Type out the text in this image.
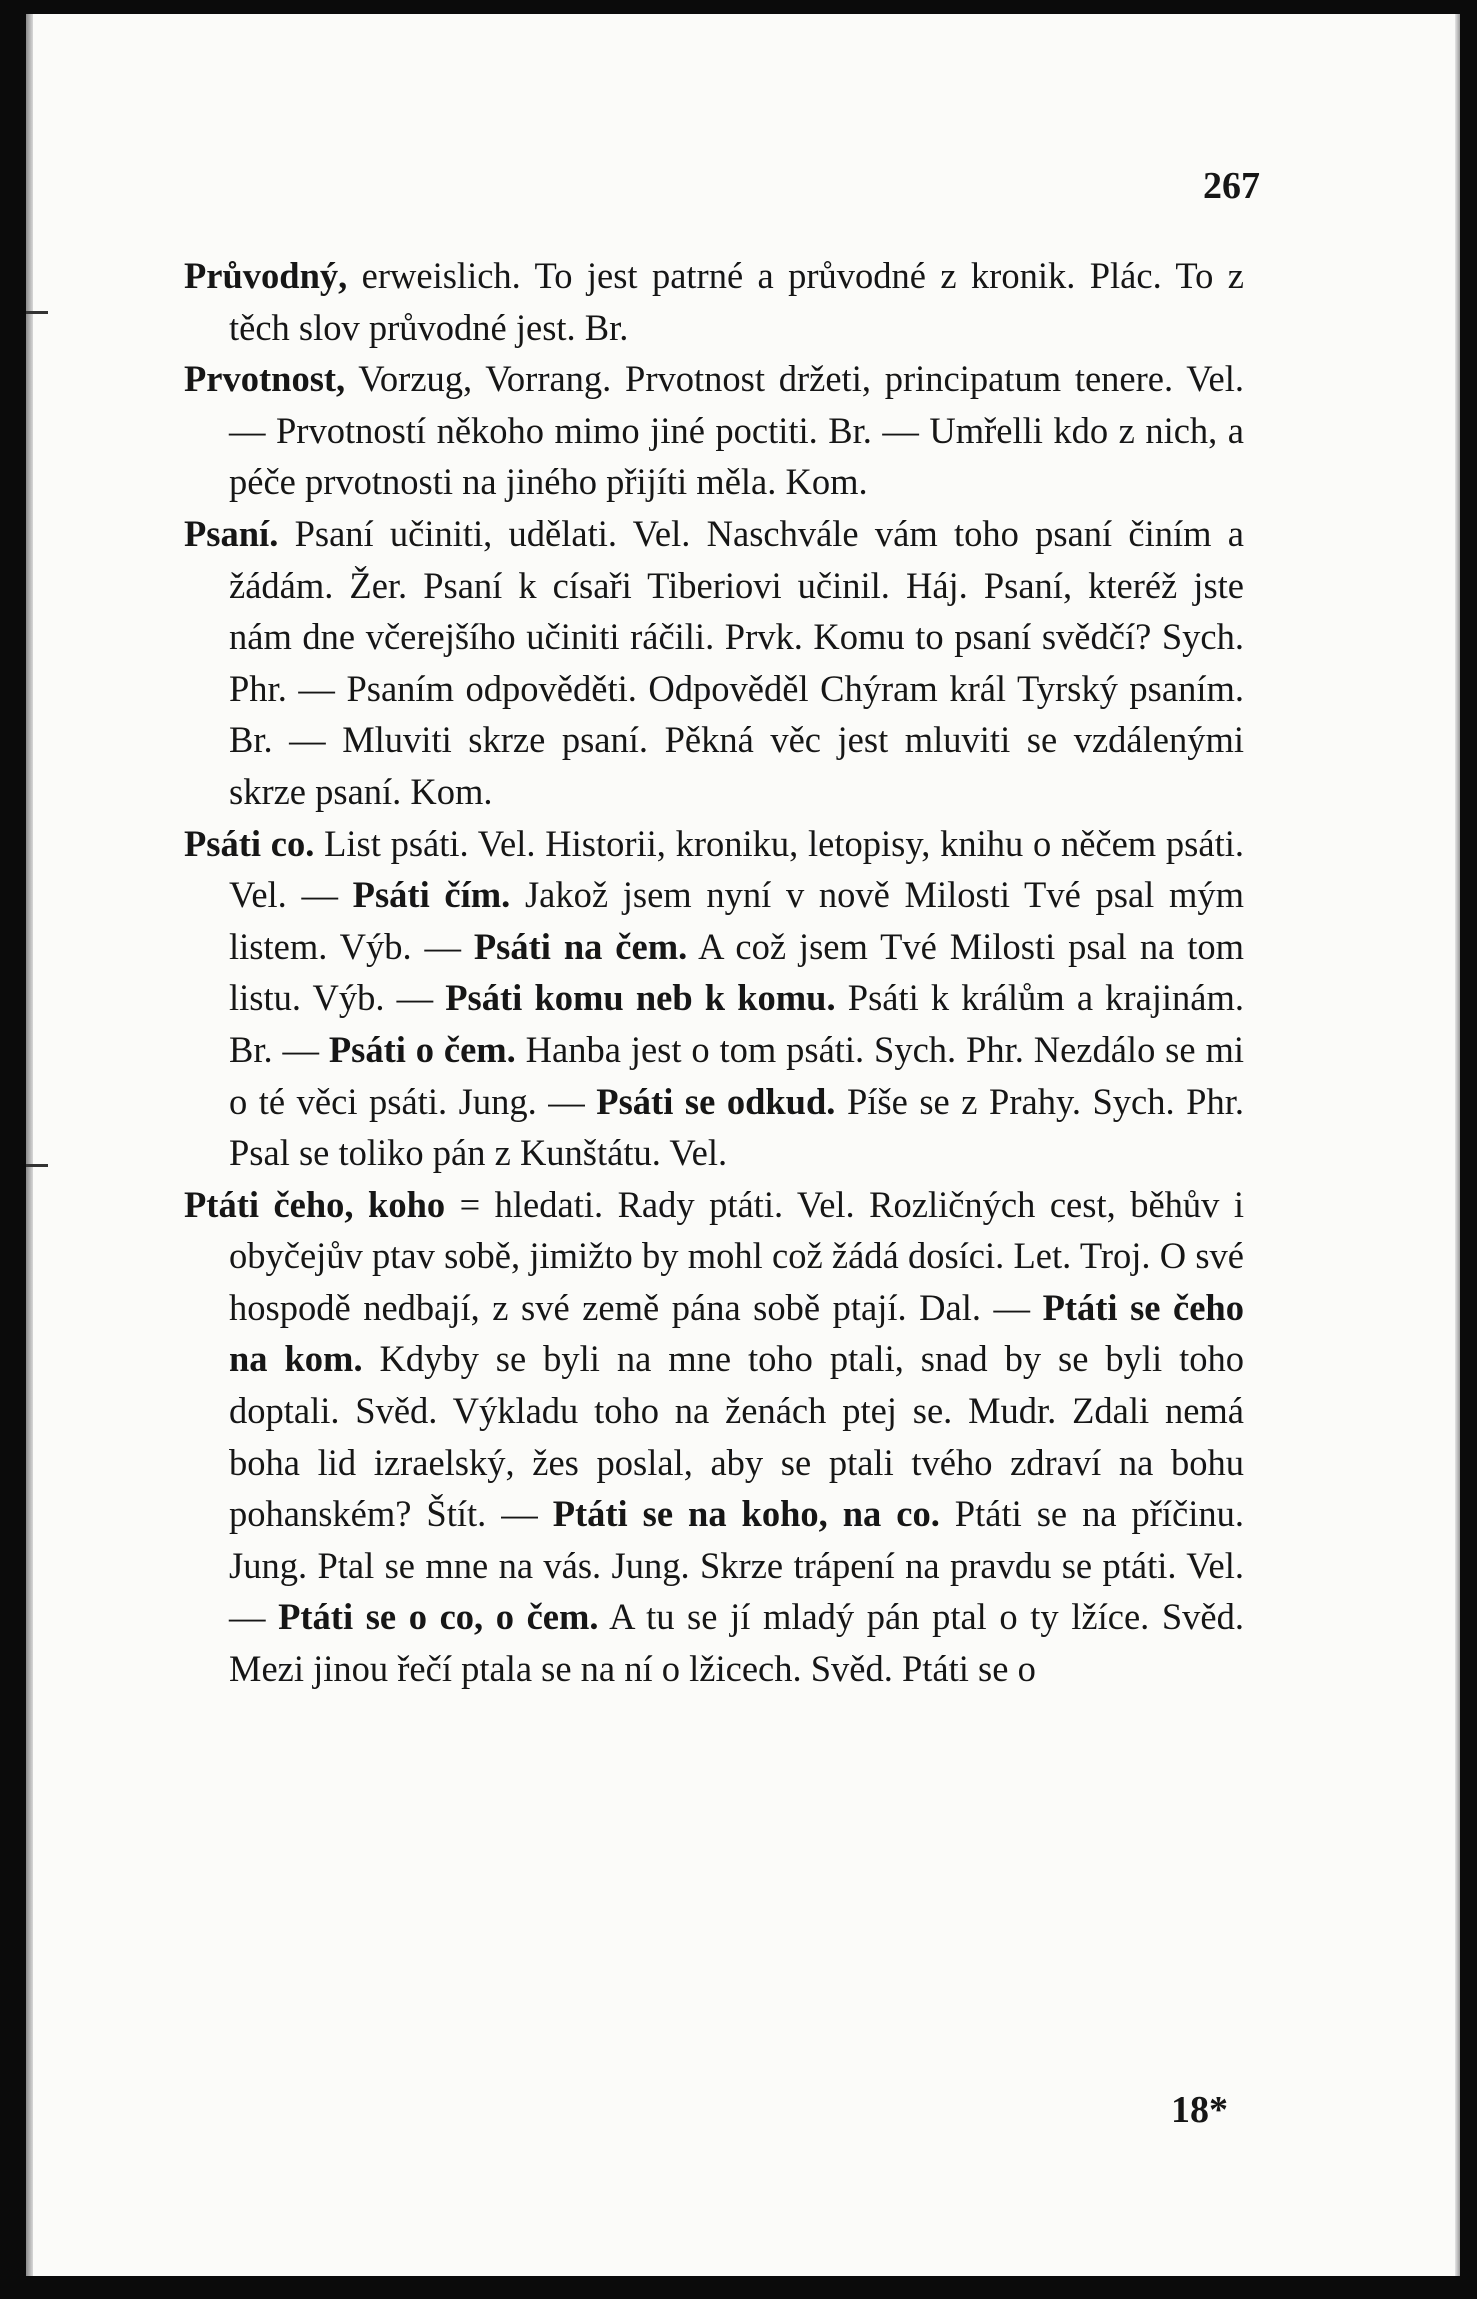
267

Průvodný, erweislich. To jest patrné a průvodné z kronik. Plác. To z těch slov průvodné jest. Br.

Prvotnost, Vorzug, Vorrang. Prvotnost držeti, principatum tenere. Vel. — Prvotností někoho mimo jiné poctiti. Br. — Umřelli kdo z nich, a péče prvotnosti na jiného přijíti měla. Kom.

Psaní. Psaní učiniti, udělati. Vel. Naschvále vám toho psaní činím a žádám. Žer. Psaní k císaři Tiberiovi učinil. Háj. Psaní, kteréž jste nám dne včerejšího učiniti ráčili. Prvk. Komu to psaní svědčí? Sych. Phr. — Psaním odpověděti. Odpověděl Chýram král Tyrský psaním. Br. — Mluviti skrze psaní. Pěkná věc jest mluviti se vzdálenými skrze psaní. Kom.

Psáti co. List psáti. Vel. Historii, kroniku, letopisy, knihu o něčem psáti. Vel. — Psáti čím. Jakož jsem nyní v nově Milosti Tvé psal mým listem. Výb. — Psáti na čem. A což jsem Tvé Milosti psal na tom listu. Výb. — Psáti komu neb k komu. Psáti k králům a krajinám. Br. — Psáti o čem. Hanba jest o tom psáti. Sych. Phr. Nezdálo se mi o té věci psáti. Jung. — Psáti se odkud. Píše se z Prahy. Sych. Phr. Psal se toliko pán z Kunštátu. Vel.

Ptáti čeho, koho = hledati. Rady ptáti. Vel. Rozličných cest, běhův i obyčejův ptav sobě, jimižto by mohl což žádá dosíci. Let. Troj. O své hospodě nedbají, z své země pána sobě ptají. Dal. — Ptáti se čeho na kom. Kdyby se byli na mne toho ptali, snad by se byli toho doptali. Svěd. Výkladu toho na ženách ptej se. Mudr. Zdali nemá boha lid izraelský, žes poslal, aby se ptali tvého zdraví na bohu pohanském? Štít. — Ptáti se na koho, na co. Ptáti se na příčinu. Jung. Ptal se mne na vás. Jung. Skrze trápení na pravdu se ptáti. Vel. — Ptáti se o co, o čem. A tu se jí mladý pán ptal o ty lžíce. Svěd. Mezi jinou řečí ptala se na ní o lžicech. Svěd. Ptáti se o

18*
